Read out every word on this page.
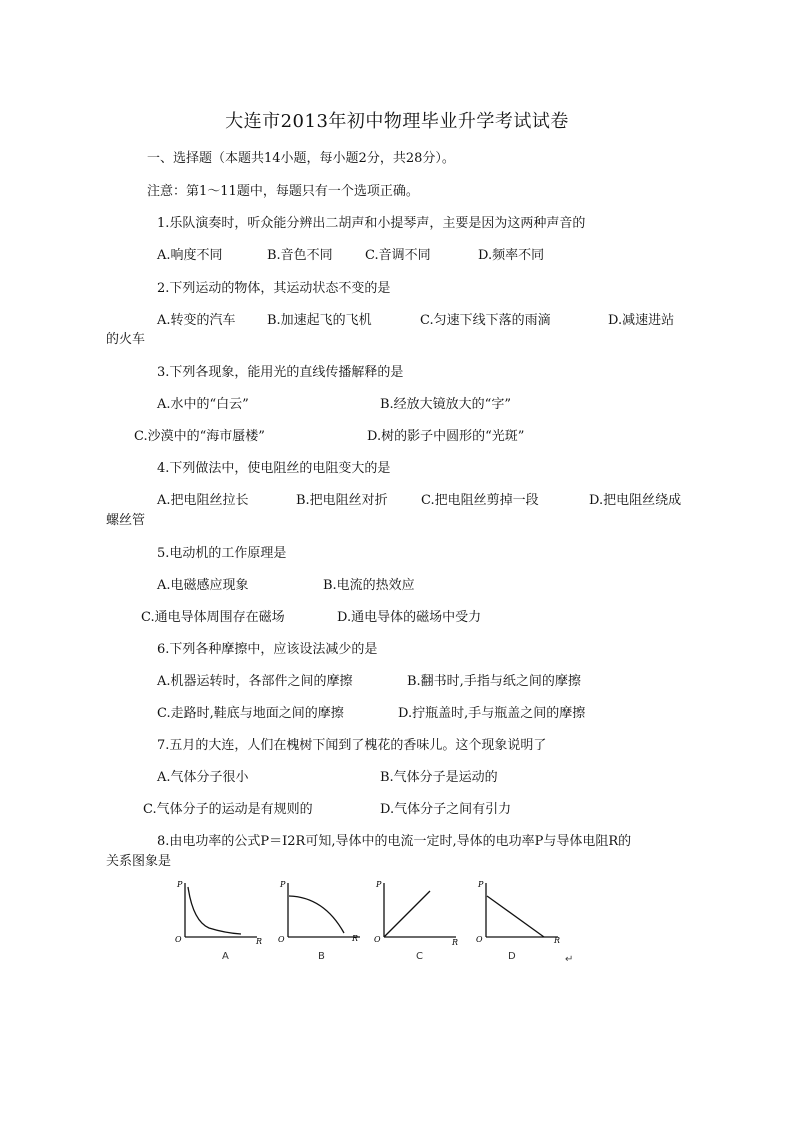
大连市2013年初中物理毕业升学考试试卷
一、选择题（本题共14小题，每小题2分，共28分）。
注意：第1～11题中，每题只有一个选项正确。
1.乐队演奏时，听众能分辨出二胡声和小提琴声，主要是因为这两种声音的
A.响度不同	B.音色不同 C.音调不同	D.频率不同
2.下列运动的物体，其运动状态不变的是
A.转变的汽车 B.加速起飞的飞机	C.匀速下线下落的雨滴	D.减速进站
的火车
3.下列各现象，能用光的直线传播解释的是
A.水中的“白云”	B.经放大镜放大的“字”
C.沙漠中的“海市蜃楼”	D.树的影子中圆形的“光斑”
4.下列做法中，使电阻丝的电阻变大的是
A.把电阻丝拉长	B.把电阻丝对折	C.把电阻丝剪掉一段	D.把电阻丝绕成
螺丝管
5.电动机的工作原理是
A.电磁感应现象	B.电流的热效应
C.通电导体周围存在磁场	D.通电导体的磁场中受力
6.下列各种摩擦中，应该设法减少的是
A.机器运转时，各部件之间的摩擦	B.翻书时,手指与纸之间的摩擦
C.走路时,鞋底与地面之间的摩擦	D.拧瓶盖时,手与瓶盖之间的摩擦
7.五月的大连，人们在槐树下闻到了槐花的香味儿。这个现象说明了
A.气体分子很小	B.气体分子是运动的
C.气体分子的运动是有规则的	D.气体分子之间有引力
8.由电功率的公式P＝I2R可知,导体中的电流一定时,导体的电功率P与导体电阻R的
关系图象是
P
O	R
P
O	R
P
O	R
P
O	R
A	B	C	D	↵
